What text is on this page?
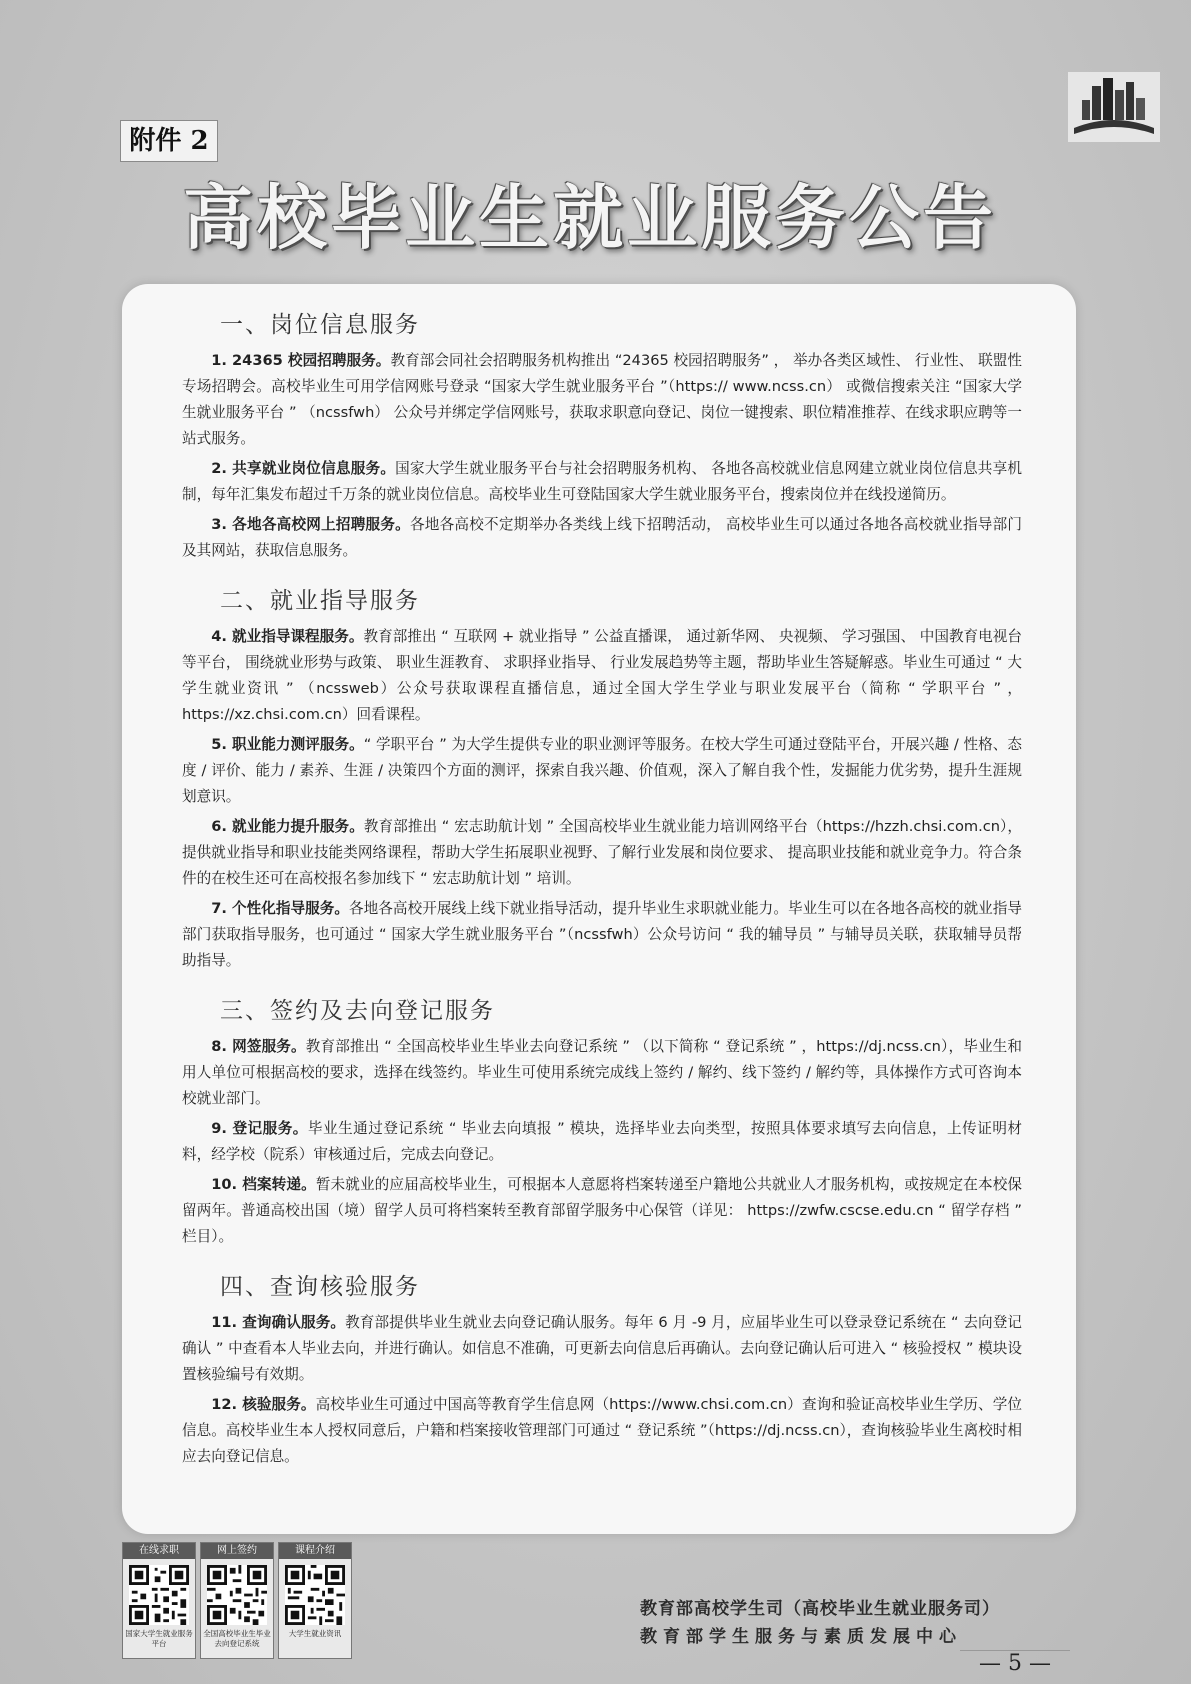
附件 2
高校毕业生就业服务公告
一、岗位信息服务

1. 24365 校园招聘服务。教育部会同社会招聘服务机构推出 “24365 校园招聘服务” ， 举办各类区域性、 行业性、 联盟性专场招聘会。高校毕业生可用学信网账号登录 “国家大学生就业服务平台 ”（https:// www.ncss.cn） 或微信搜索关注 “国家大学生就业服务平台 ” （ncssfwh） 公众号并绑定学信网账号，获取求职意向登记、岗位一键搜索、职位精准推荐、在线求职应聘等一站式服务。

2. 共享就业岗位信息服务。国家大学生就业服务平台与社会招聘服务机构、 各地各高校就业信息网建立就业岗位信息共享机制，每年汇集发布超过千万条的就业岗位信息。高校毕业生可登陆国家大学生就业服务平台，搜索岗位并在线投递简历。

3. 各地各高校网上招聘服务。各地各高校不定期举办各类线上线下招聘活动， 高校毕业生可以通过各地各高校就业指导部门及其网站，获取信息服务。

二、就业指导服务

4. 就业指导课程服务。教育部推出 “ 互联网 + 就业指导 ” 公益直播课， 通过新华网、 央视频、 学习强国、 中国教育电视台等平台， 围绕就业形势与政策、 职业生涯教育、 求职择业指导、 行业发展趋势等主题，帮助毕业生答疑解惑。毕业生可通过 “ 大学生就业资讯 ” （ncssweb）公众号获取课程直播信息，通过全国大学生学业与职业发展平台（简称 “ 学职平台 ” ，https://xz.chsi.com.cn）回看课程。

5. 职业能力测评服务。“ 学职平台 ” 为大学生提供专业的职业测评等服务。在校大学生可通过登陆平台，开展兴趣 / 性格、态度 / 评价、能力 / 素养、生涯 / 决策四个方面的测评，探索自我兴趣、价值观，深入了解自我个性，发掘能力优劣势，提升生涯规划意识。

6. 就业能力提升服务。教育部推出 “ 宏志助航计划 ” 全国高校毕业生就业能力培训网络平台（https://hzzh.chsi.com.cn），提供就业指导和职业技能类网络课程，帮助大学生拓展职业视野、了解行业发展和岗位要求、 提高职业技能和就业竞争力。符合条件的在校生还可在高校报名参加线下 “ 宏志助航计划 ” 培训。

7. 个性化指导服务。各地各高校开展线上线下就业指导活动，提升毕业生求职就业能力。毕业生可以在各地各高校的就业指导部门获取指导服务，也可通过 “ 国家大学生就业服务平台 ”（ncssfwh）公众号访问 “ 我的辅导员 ” 与辅导员关联，获取辅导员帮助指导。

三、签约及去向登记服务

8. 网签服务。教育部推出 “ 全国高校毕业生毕业去向登记系统 ” （以下简称 “ 登记系统 ” ，https://dj.ncss.cn），毕业生和用人单位可根据高校的要求，选择在线签约。毕业生可使用系统完成线上签约 / 解约、线下签约 / 解约等，具体操作方式可咨询本校就业部门。

9. 登记服务。毕业生通过登记系统 “ 毕业去向填报 ” 模块，选择毕业去向类型，按照具体要求填写去向信息，上传证明材料，经学校（院系）审核通过后，完成去向登记。

10. 档案转递。暂未就业的应届高校毕业生，可根据本人意愿将档案转递至户籍地公共就业人才服务机构，或按规定在本校保留两年。普通高校出国（境）留学人员可将档案转至教育部留学服务中心保管（详见： https://zwfw.cscse.edu.cn “ 留学存档 ” 栏目）。

四、查询核验服务

11. 查询确认服务。教育部提供毕业生就业去向登记确认服务。每年 6 月 -9 月，应届毕业生可以登录登记系统在 “ 去向登记确认 ” 中查看本人毕业去向，并进行确认。如信息不准确，可更新去向信息后再确认。去向登记确认后可进入 “ 核验授权 ” 模块设置核验编号有效期。

12. 核验服务。高校毕业生可通过中国高等教育学生信息网（https://www.chsi.com.cn）查询和验证高校毕业生学历、学位信息。高校毕业生本人授权同意后，户籍和档案接收管理部门可通过 “ 登记系统 ”（https://dj.ncss.cn），查询核验毕业生离校时相应去向登记信息。

在线求职
国家大学生就业服务平台
网上签约
全国高校毕业生毕业去向登记系统
课程介绍
大学生就业资讯
教育部高校学生司（高校毕业生就业服务司）
教育部学生服务与素质发展中心
— 5 —
